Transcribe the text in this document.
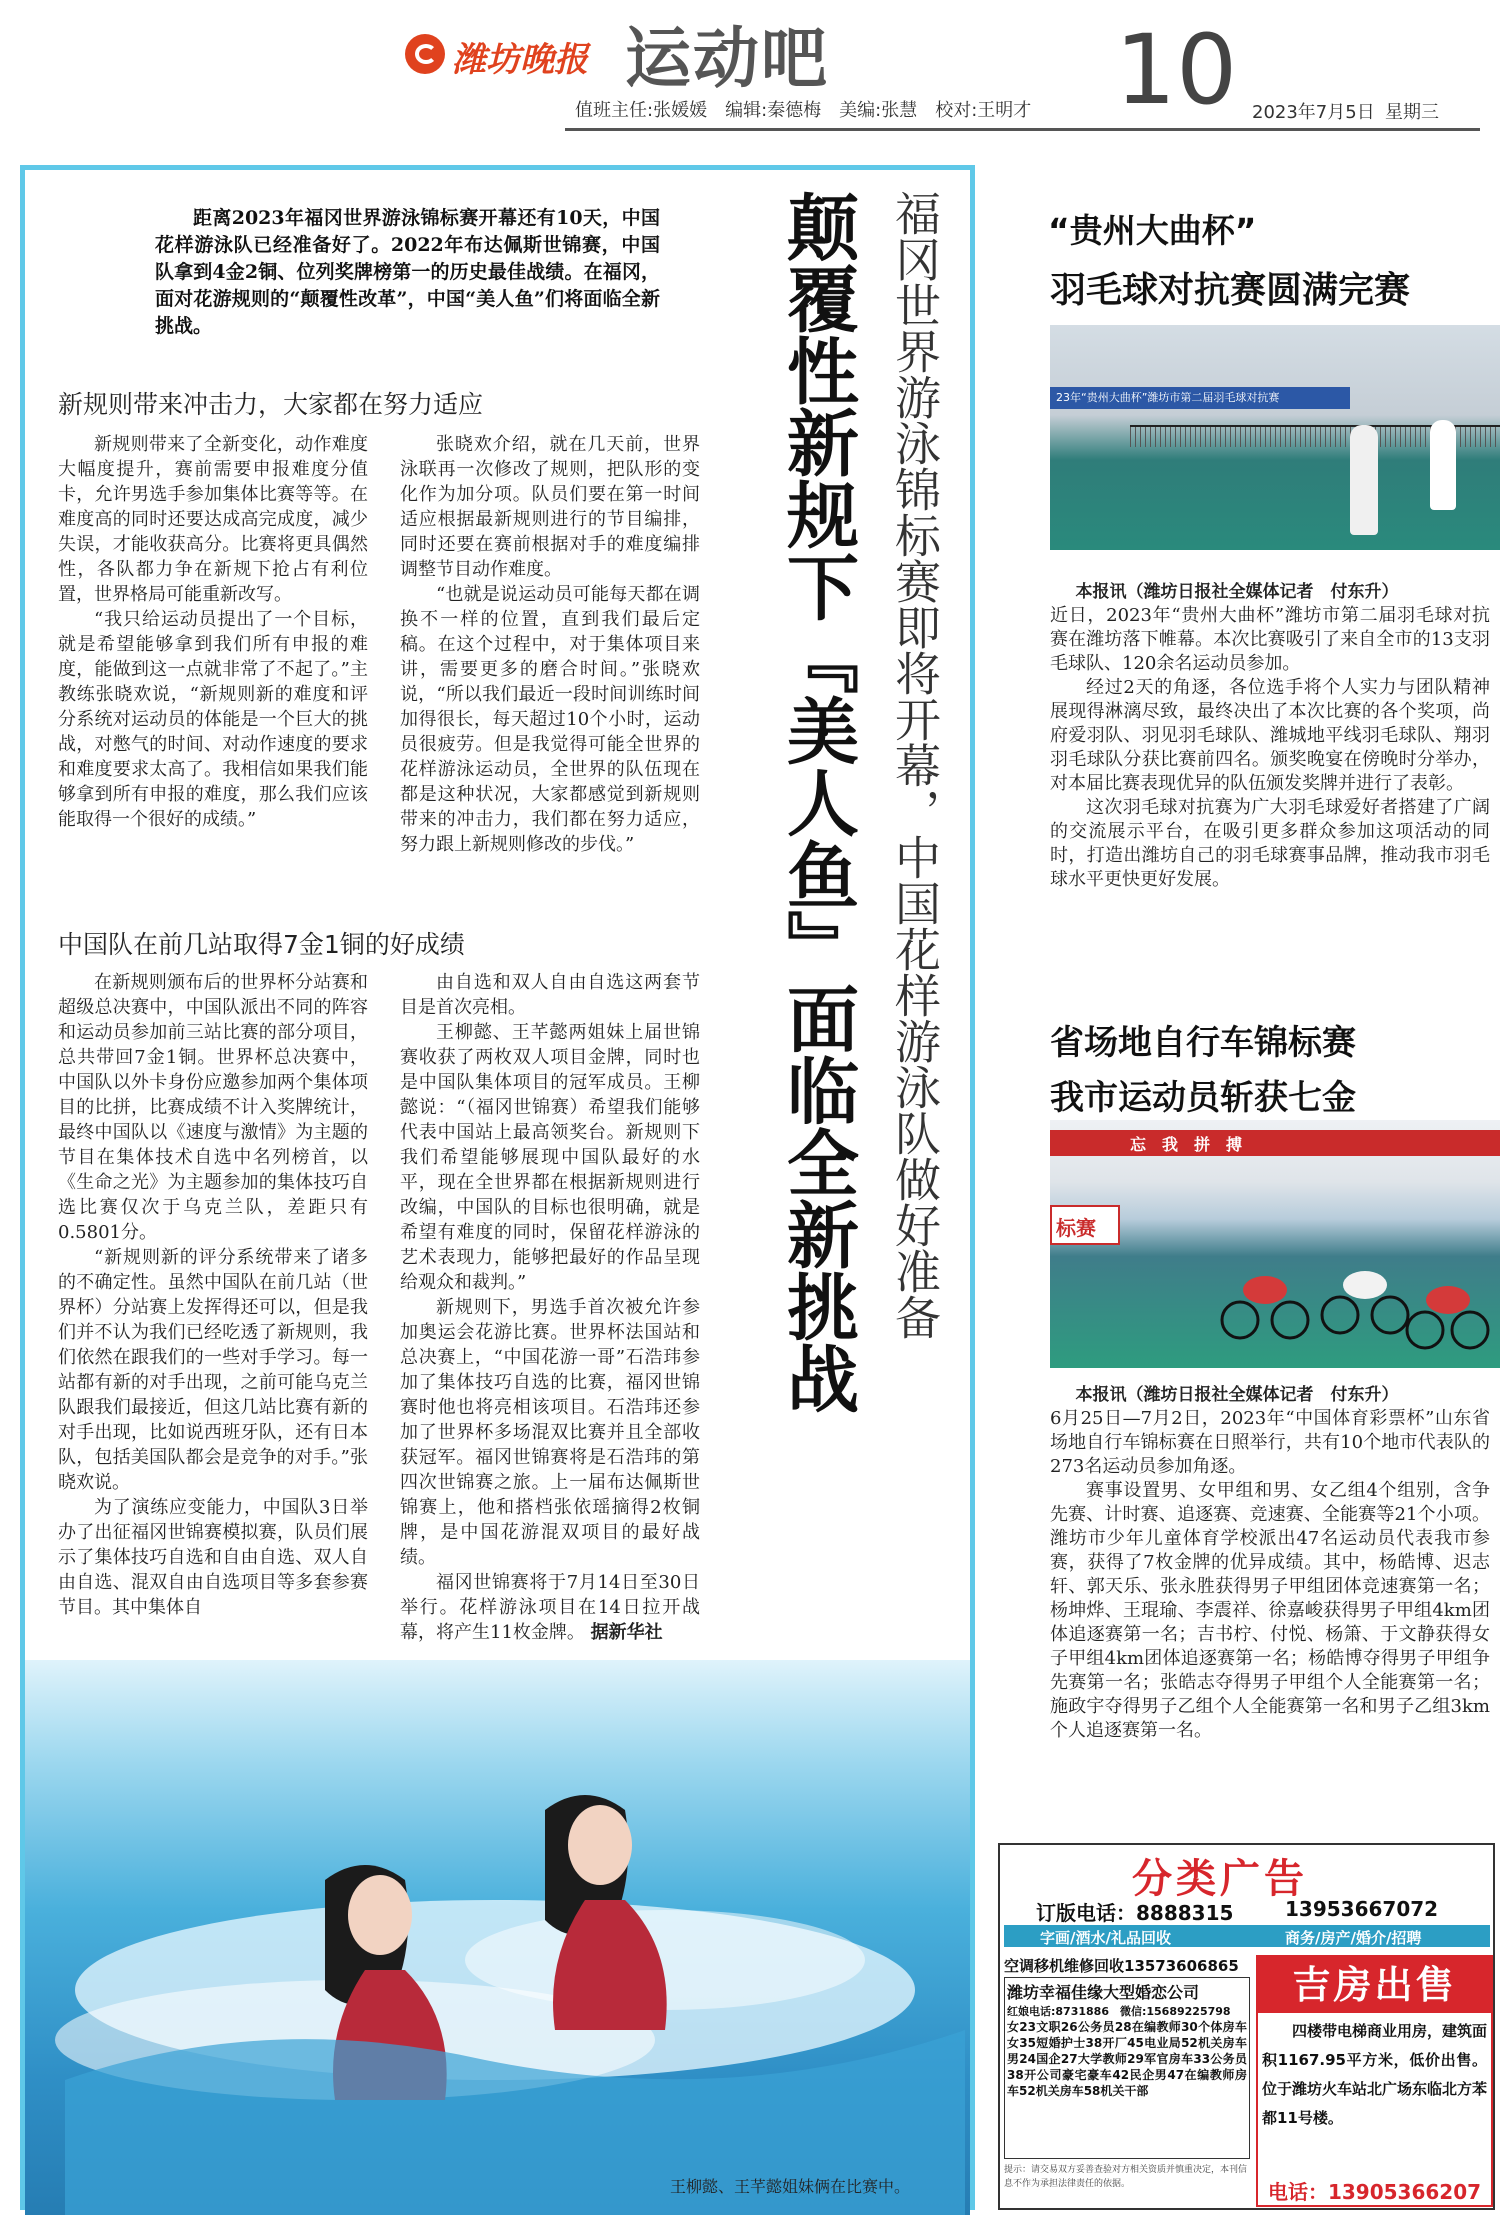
潍坊晚报 运动吧
值班主任:张媛媛　编辑:秦德梅　美编:张慧　校对:王明才 10 2023年7月5日 星期三
颠覆性新规下『美人鱼』面临全新挑战 福冈世界游泳锦标赛即将开幕，中国花样游泳队做好准备
距离2023年福冈世界游泳锦标赛开幕还有10天，中国花样游泳队已经准备好了。2022年布达佩斯世锦赛，中国队拿到4金2铜、位列奖牌榜第一的历史最佳战绩。在福冈，面对花游规则的“颠覆性改革”，中国“美人鱼”们将面临全新挑战。
新规则带来冲击力，大家都在努力适应

新规则带来了全新变化，动作难度大幅度提升，赛前需要申报难度分值卡，允许男选手参加集体比赛等等。在难度高的同时还要达成高完成度，减少失误，才能收获高分。比赛将更具偶然性，各队都力争在新规下抢占有利位置，世界格局可能重新改写。

“我只给运动员提出了一个目标，就是希望能够拿到我们所有申报的难度，能做到这一点就非常了不起了。”主教练张晓欢说，“新规则新的难度和评分系统对运动员的体能是一个巨大的挑战，对憋气的时间、对动作速度的要求和难度要求太高了。我相信如果我们能够拿到所有申报的难度，那么我们应该能取得一个很好的成绩。”

张晓欢介绍，就在几天前，世界泳联再一次修改了规则，把队形的变化作为加分项。队员们要在第一时间适应根据最新规则进行的节目编排，同时还要在赛前根据对手的难度编排调整节目动作难度。

“也就是说运动员可能每天都在调换不一样的位置，直到我们最后定稿。在这个过程中，对于集体项目来讲，需要更多的磨合时间。”张晓欢说，“所以我们最近一段时间训练时间加得很长，每天超过10个小时，运动员很疲劳。但是我觉得可能全世界的花样游泳运动员，全世界的队伍现在都是这种状况，大家都感觉到新规则带来的冲击力，我们都在努力适应，努力跟上新规则修改的步伐。”

中国队在前几站取得7金1铜的好成绩

在新规则颁布后的世界杯分站赛和超级总决赛中，中国队派出不同的阵容和运动员参加前三站比赛的部分项目，总共带回7金1铜。世界杯总决赛中，中国队以外卡身份应邀参加两个集体项目的比拼，比赛成绩不计入奖牌统计，最终中国队以《速度与激情》为主题的节目在集体技术自选中名列榜首，以《生命之光》为主题参加的集体技巧自选比赛仅次于乌克兰队，差距只有0.5801分。

“新规则新的评分系统带来了诸多的不确定性。虽然中国队在前几站（世界杯）分站赛上发挥得还可以，但是我们并不认为我们已经吃透了新规则，我们依然在跟我们的一些对手学习。每一站都有新的对手出现，之前可能乌克兰队跟我们最接近，但这几站比赛有新的对手出现，比如说西班牙队，还有日本队，包括美国队都会是竞争的对手。”张晓欢说。

为了演练应变能力，中国队3日举办了出征福冈世锦赛模拟赛，队员们展示了集体技巧自选和自由自选、双人自由自选、混双自由自选项目等多套参赛节目。其中集体自

由自选和双人自由自选这两套节目是首次亮相。

王柳懿、王芊懿两姐妹上届世锦赛收获了两枚双人项目金牌，同时也是中国队集体项目的冠军成员。王柳懿说：“（福冈世锦赛）希望我们能够代表中国站上最高领奖台。新规则下我们希望能够展现中国队最好的水平，现在全世界都在根据新规则进行改编，中国队的目标也很明确，就是希望有难度的同时，保留花样游泳的艺术表现力，能够把最好的作品呈现给观众和裁判。”

新规则下，男选手首次被允许参加奥运会花游比赛。世界杯法国站和总决赛上，“中国花游一哥”石浩玮参加了集体技巧自选的比赛，福冈世锦赛时他也将亮相该项目。石浩玮还参加了世界杯多场混双比赛并且全部收获冠军。福冈世锦赛将是石浩玮的第四次世锦赛之旅。上一届布达佩斯世锦赛上，他和搭档张依瑶摘得2枚铜牌，是中国花游混双项目的最好战绩。

福冈世锦赛将于7月14日至30日举行。花样游泳项目在14日拉开战幕，将产生11枚金牌。 据新华社

王柳懿、王芊懿姐妹俩在比赛中。
“贵州大曲杯”
羽毛球对抗赛圆满完赛
23年“贵州大曲杯”潍坊市第二届羽毛球对抗赛

本报讯（潍坊日报社全媒体记者　付东升）

近日，2023年“贵州大曲杯”潍坊市第二届羽毛球对抗赛在潍坊落下帷幕。本次比赛吸引了来自全市的13支羽毛球队、120余名运动员参加。

经过2天的角逐，各位选手将个人实力与团队精神展现得淋漓尽致，最终决出了本次比赛的各个奖项，尚府爱羽队、羽见羽毛球队、潍城地平线羽毛球队、翔羽羽毛球队分获比赛前四名。颁奖晚宴在傍晚时分举办，对本届比赛表现优异的队伍颁发奖牌并进行了表彰。

这次羽毛球对抗赛为广大羽毛球爱好者搭建了广阔的交流展示平台，在吸引更多群众参加这项活动的同时，打造出潍坊自己的羽毛球赛事品牌，推动我市羽毛球水平更快更好发展。

省场地自行车锦标赛
我市运动员斩获七金
忘　我　拼　搏
标赛

本报讯（潍坊日报社全媒体记者　付东升）

6月25日—7月2日，2023年“中国体育彩票杯”山东省场地自行车锦标赛在日照举行，共有10个地市代表队的273名运动员参加角逐。

赛事设置男、女甲组和男、女乙组4个组别，含争先赛、计时赛、追逐赛、竞速赛、全能赛等21个小项。潍坊市少年儿童体育学校派出47名运动员代表我市参赛，获得了7枚金牌的优异成绩。其中，杨皓博、迟志轩、郭天乐、张永胜获得男子甲组团体竞速赛第一名；杨坤烨、王琨瑜、李震祥、徐嘉峻获得男子甲组4km团体追逐赛第一名；吉书柠、付悦、杨箫、于文静获得女子甲组4km团体追逐赛第一名；杨皓博夺得男子甲组争先赛第一名；张皓志夺得男子甲组个人全能赛第一名；施政宇夺得男子乙组个人全能赛第一名和男子乙组3km个人追逐赛第一名。

分类广告
订版电话：8888315	13953667072
字画/酒水/礼品回收	商务/房产/婚介/招聘
空调移机维修回收13573606865
潍坊幸福佳缘大型婚恋公司
红娘电话:8731886　微信:15689225798
女23文职26公务员28在编教师30个体房车女35短婚护士38开厂45电业局52机关房车男24国企27大学教师29军官房车33公务员38开公司豪宅豪车42民企男47在编教师房车52机关房车58机关干部
提示：请交易双方妥善查验对方相关资质并慎重决定，本刊信息不作为承担法律责任的依据。
吉房出售
四楼带电梯商业用房，建筑面积1167.95平方米，低价出售。位于潍坊火车站北广场东临北方苯都11号楼。
电话：13905366207
